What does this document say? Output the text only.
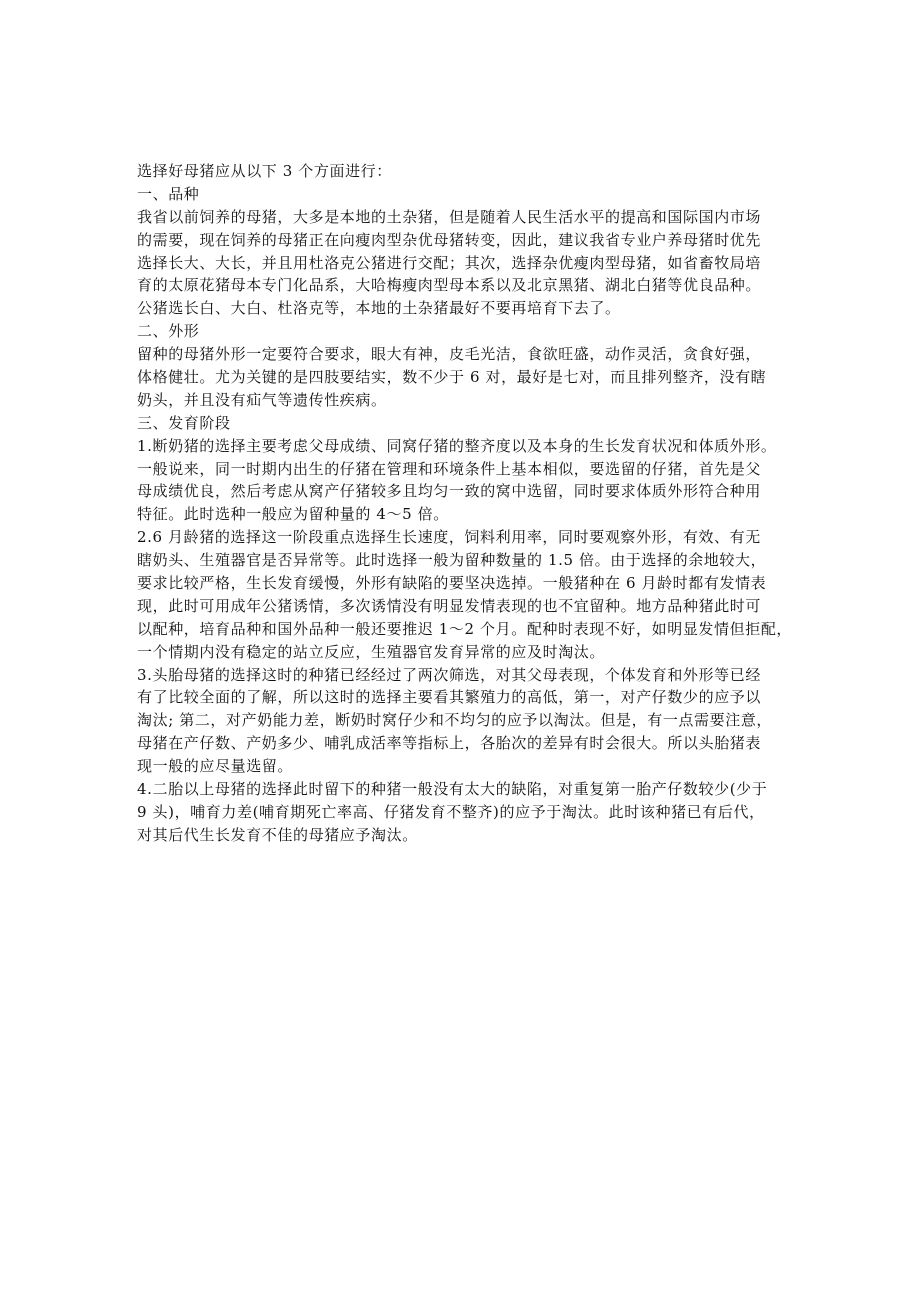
选择好母猪应从以下 3 个方面进行：
一、品种
我省以前饲养的母猪，大多是本地的土杂猪，但是随着人民生活水平的提高和国际国内市场
的需要，现在饲养的母猪正在向瘦肉型杂优母猪转变，因此，建议我省专业户养母猪时优先
选择长大、大长，并且用杜洛克公猪进行交配；其次，选择杂优瘦肉型母猪，如省畜牧局培
育的太原花猪母本专门化品系，大哈梅瘦肉型母本系以及北京黑猪、湖北白猪等优良品种。
公猪选长白、大白、杜洛克等，本地的土杂猪最好不要再培育下去了。
二、外形
留种的母猪外形一定要符合要求，眼大有神，皮毛光洁，食欲旺盛，动作灵活，贪食好强，
体格健壮。尤为关键的是四肢要结实，数不少于 6 对，最好是七对，而且排列整齐，没有瞎
奶头，并且没有疝气等遗传性疾病。
三、发育阶段
1.断奶猪的选择主要考虑父母成绩、同窝仔猪的整齐度以及本身的生长发育状况和体质外形。
一般说来，同一时期内出生的仔猪在管理和环境条件上基本相似，要选留的仔猪，首先是父
母成绩优良，然后考虑从窝产仔猪较多且均匀一致的窝中选留，同时要求体质外形符合种用
特征。此时选种一般应为留种量的 4～5 倍。
2.6 月龄猪的选择这一阶段重点选择生长速度，饲料利用率，同时要观察外形，有效、有无
瞎奶头、生殖器官是否异常等。此时选择一般为留种数量的 1.5 倍。由于选择的余地较大，
要求比较严格，生长发育缓慢，外形有缺陷的要坚决选掉。一般猪种在 6 月龄时都有发情表
现，此时可用成年公猪诱情，多次诱情没有明显发情表现的也不宜留种。地方品种猪此时可
以配种，培育品种和国外品种一般还要推迟 1～2 个月。配种时表现不好，如明显发情但拒配，
一个情期内没有稳定的站立反应，生殖器官发育异常的应及时淘汰。
3.头胎母猪的选择这时的种猪已经经过了两次筛选，对其父母表现，个体发育和外形等已经
有了比较全面的了解，所以这时的选择主要看其繁殖力的高低，第一，对产仔数少的应予以
淘汰; 第二，对产奶能力差，断奶时窝仔少和不均匀的应予以淘汰。但是，有一点需要注意，
母猪在产仔数、产奶多少、哺乳成活率等指标上，各胎次的差异有时会很大。所以头胎猪表
现一般的应尽量选留。
4.二胎以上母猪的选择此时留下的种猪一般没有太大的缺陷，对重复第一胎产仔数较少(少于
9 头)，哺育力差(哺育期死亡率高、仔猪发育不整齐)的应予于淘汰。此时该种猪已有后代，
对其后代生长发育不佳的母猪应予淘汰。
